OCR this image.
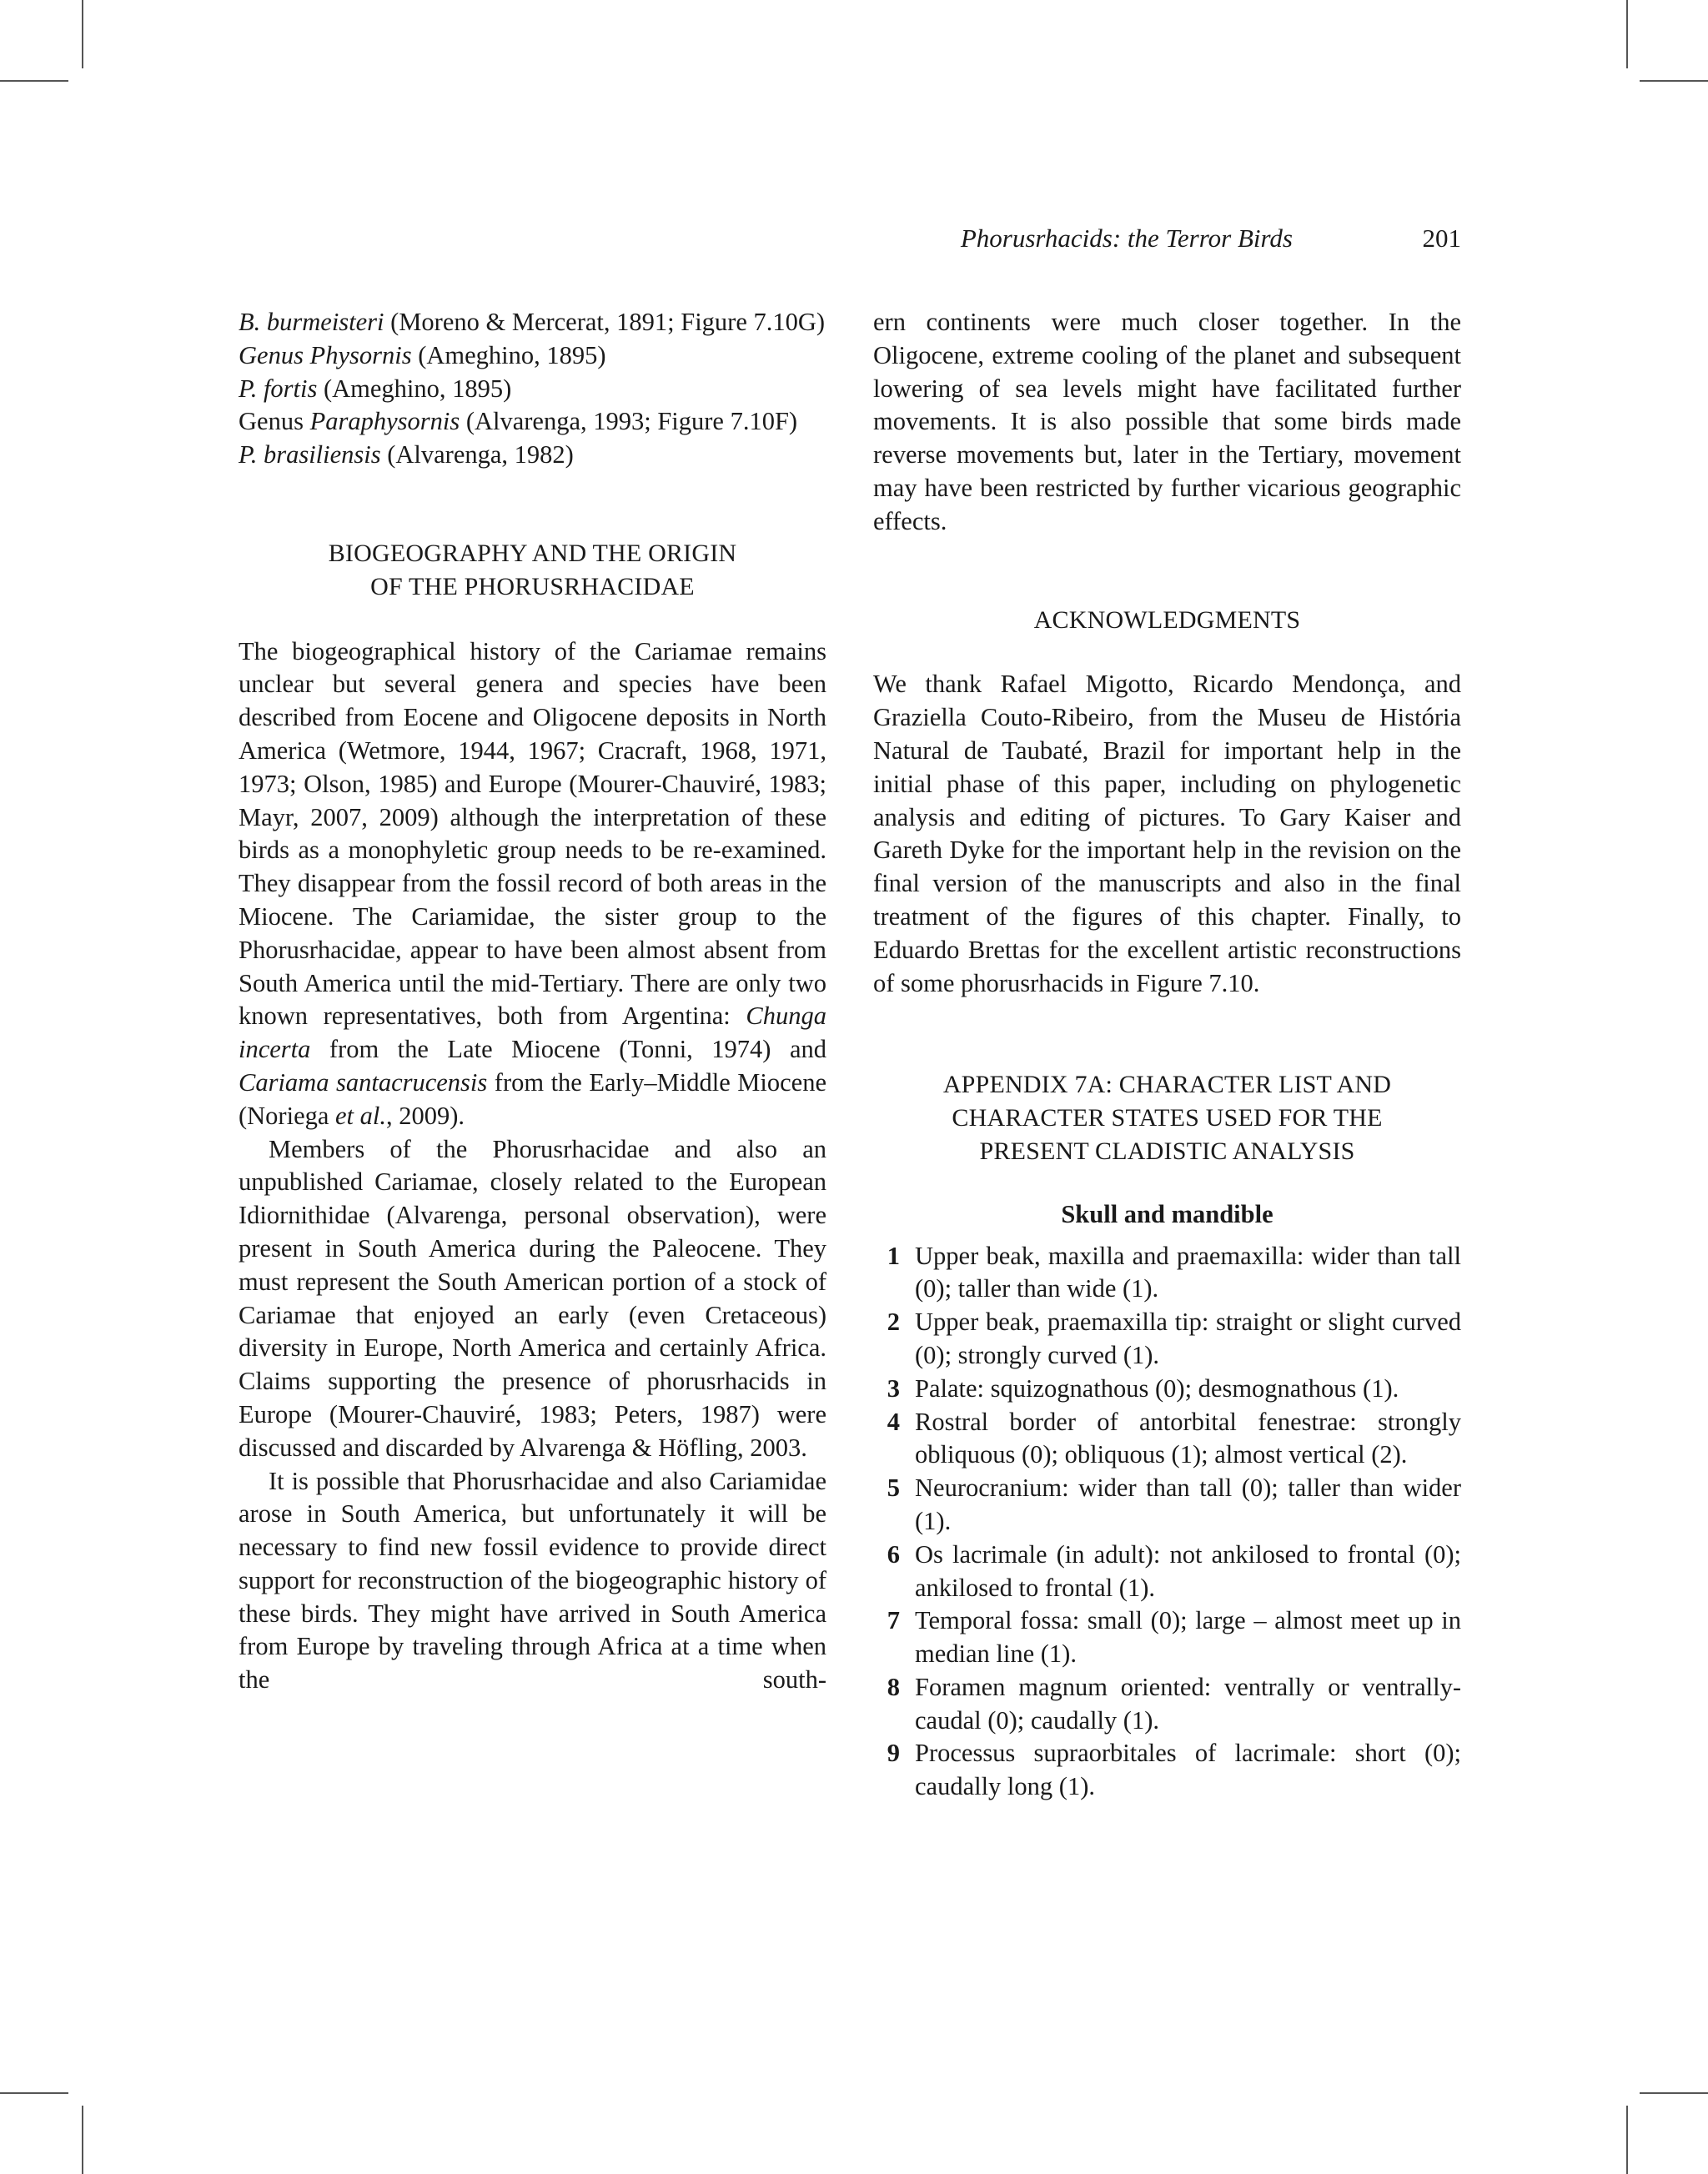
Phorusrhacids: the Terror Birds	201
B. burmeisteri (Moreno & Mercerat, 1891; Figure 7.10G)
Genus Physornis (Ameghino, 1895)
P. fortis (Ameghino, 1895)
Genus Paraphysornis (Alvarenga, 1993; Figure 7.10F)
P. brasiliensis (Alvarenga, 1982)
BIOGEOGRAPHY AND THE ORIGIN
OF THE PHORUSRHACIDAE

The biogeographical history of the Cariamae remains unclear but several genera and species have been described from Eocene and Oligocene deposits in North America (Wetmore, 1944, 1967; Cracraft, 1968, 1971, 1973; Olson, 1985) and Europe (Mourer-Chauviré, 1983; Mayr, 2007, 2009) although the interpretation of these birds as a monophyletic group needs to be re-examined. They disappear from the fossil record of both areas in the Miocene. The Cariamidae, the sister group to the Phorusrhacidae, appear to have been almost absent from South America until the mid-Tertiary. There are only two known representatives, both from Argentina: Chunga incerta from the Late Miocene (Tonni, 1974) and Cariama santacrucensis from the Early–Middle Miocene (Noriega et al., 2009).

Members of the Phorusrhacidae and also an unpublished Cariamae, closely related to the European Idiornithidae (Alvarenga, personal observation), were present in South America during the Paleocene. They must represent the South American portion of a stock of Cariamae that enjoyed an early (even Cretaceous) diversity in Europe, North America and certainly Africa. Claims supporting the presence of phorusrhacids in Europe (Mourer-Chauviré, 1983; Peters, 1987) were discussed and discarded by Alvarenga & Höfling, 2003.

It is possible that Phorusrhacidae and also Cariamidae arose in South America, but unfortunately it will be necessary to find new fossil evidence to provide direct support for reconstruction of the biogeographic history of these birds. They might have arrived in South America from Europe by traveling through Africa at a time when the south-

ern continents were much closer together. In the Oligocene, extreme cooling of the planet and subsequent lowering of sea levels might have facilitated further movements. It is also possible that some birds made reverse movements but, later in the Tertiary, movement may have been restricted by further vicarious geographic effects.

ACKNOWLEDGMENTS

We thank Rafael Migotto, Ricardo Mendonça, and Graziella Couto-Ribeiro, from the Museu de História Natural de Taubaté, Brazil for important help in the initial phase of this paper, including on phylogenetic analysis and editing of pictures. To Gary Kaiser and Gareth Dyke for the important help in the revision on the final version of the manuscripts and also in the final treatment of the figures of this chapter. Finally, to Eduardo Brettas for the excellent artistic reconstructions of some phorusrhacids in Figure 7.10.

APPENDIX 7A: CHARACTER LIST AND
CHARACTER STATES USED FOR THE
PRESENT CLADISTIC ANALYSIS
Skull and mandible
1 Upper beak, maxilla and praemaxilla: wider than tall (0); taller than wide (1).
2 Upper beak, praemaxilla tip: straight or slight curved (0); strongly curved (1).
3 Palate: squizognathous (0); desmognathous (1).
4 Rostral border of antorbital fenestrae: strongly obliquous (0); obliquous (1); almost vertical (2).
5 Neurocranium: wider than tall (0); taller than wider (1).
6 Os lacrimale (in adult): not ankilosed to frontal (0); ankilosed to frontal (1).
7 Temporal fossa: small (0); large – almost meet up in median line (1).
8 Foramen magnum oriented: ventrally or ventrally-caudal (0); caudally (1).
9 Processus supraorbitales of lacrimale: short (0); caudally long (1).
